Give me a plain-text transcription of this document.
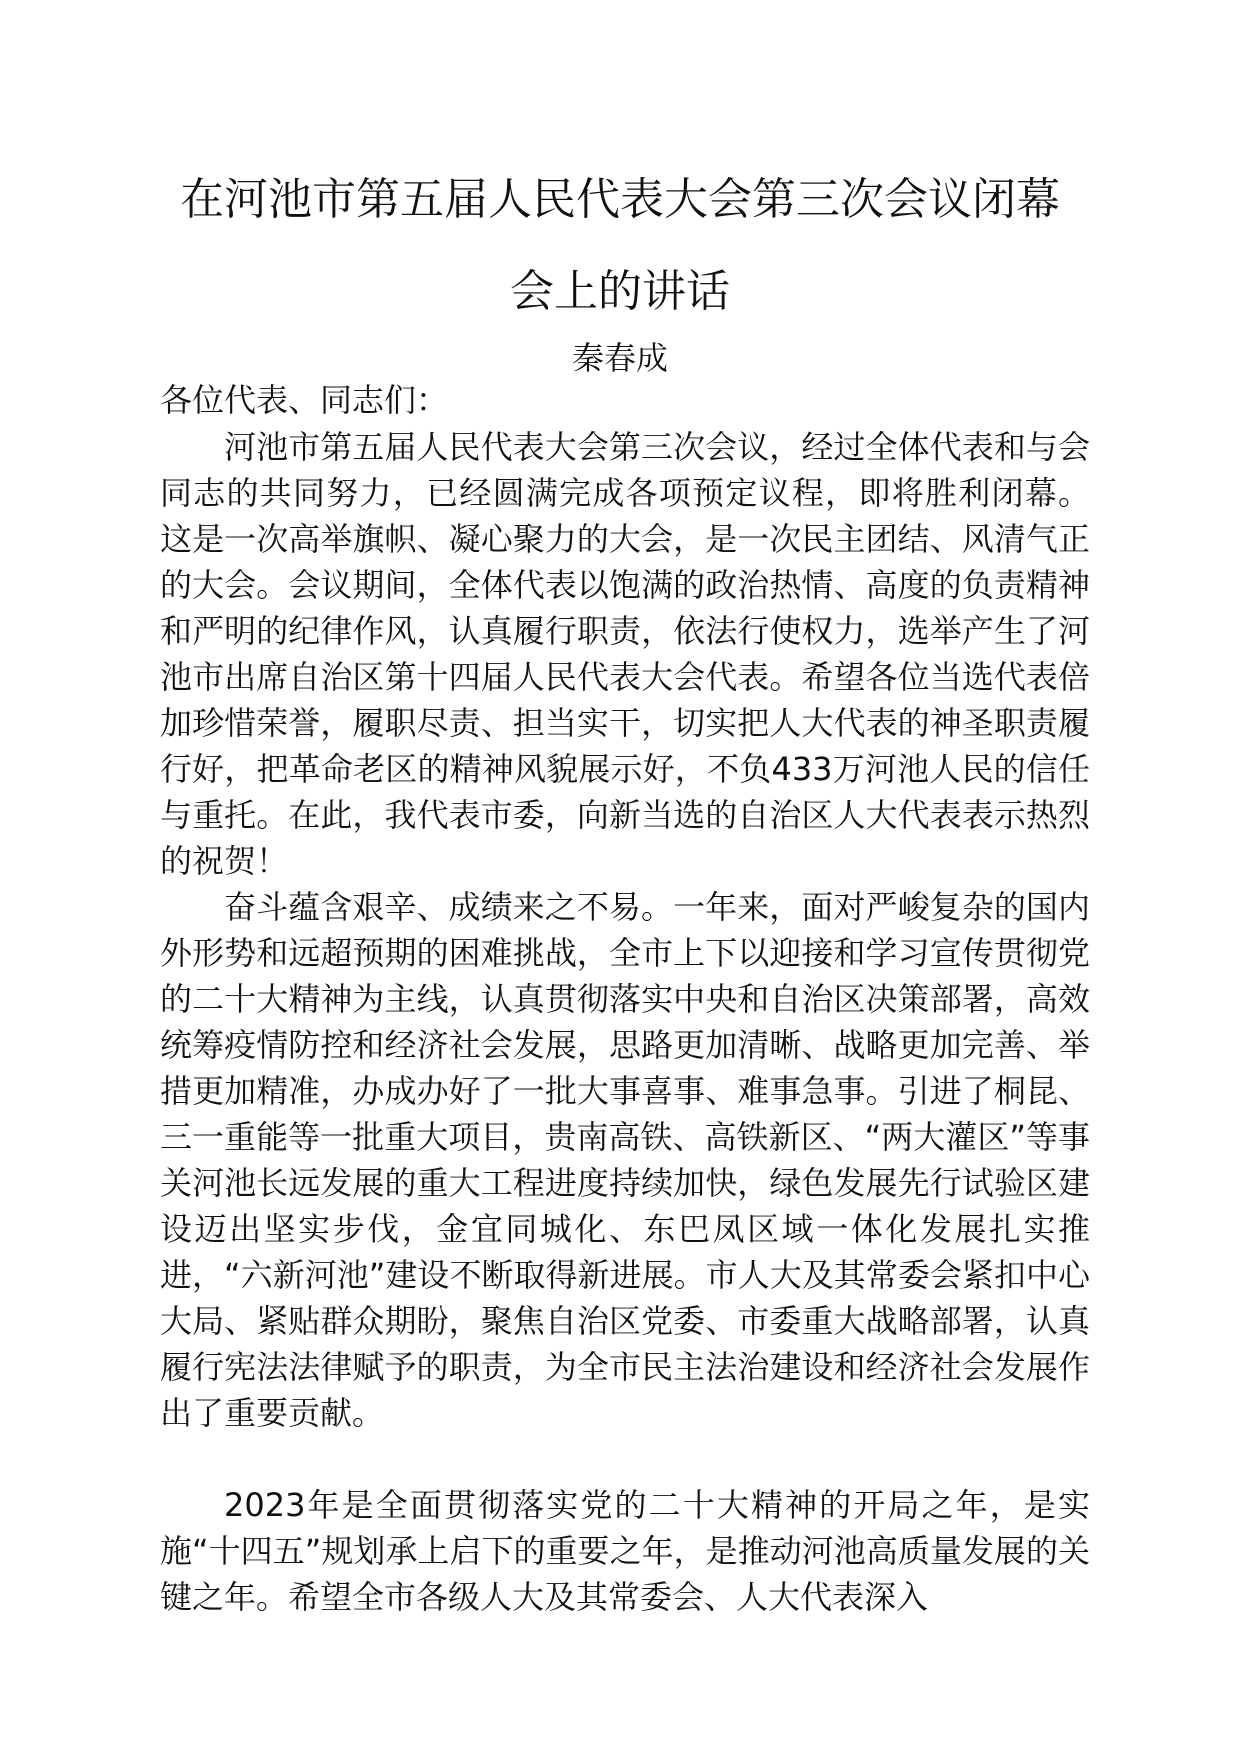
在河池市第五届人民代表大会第三次会议闭幕
会上的讲话
秦春成
各位代表、同志们：

河池市第五届人民代表大会第三次会议，经过全体代表和与会同志的共同努力，已经圆满完成各项预定议程，即将胜利闭幕。 这是一次高举旗帜、凝心聚力的大会，是一次民主团结、风清气正的大会。会议期间，全体代表以饱满的政治热情、高度的负责精神和严明的纪律作风，认真履行职责，依法行使权力，选举产生了河池市出席自治区第十四届人民代表大会代表。希望各位当选代表倍加珍惜荣誉，履职尽责、担当实干，切实把人大代表的神圣职责履行好，把革命老区的精神风貌展示好，不负433万河池人民的信任与重托。在此，我代表市委，向新当选的自治区人大代表表示热烈的祝贺！

奋斗蕴含艰辛、成绩来之不易。一年来，面对严峻复杂的国内外形势和远超预期的困难挑战，全市上下以迎接和学习宣传贯彻党的二十大精神为主线，认真贯彻落实中央和自治区决策部署，高效统筹疫情防控和经济社会发展，思路更加清晰、战略更加完善、举措更加精准，办成办好了一批大事喜事、难事急事。引进了桐昆、三一重能等一批重大项目，贵南高铁、高铁新区、“两大灌区”等事关河池长远发展的重大工程进度持续加快，绿色发展先行试验区建设迈出坚实步伐，金宜同城化、东巴凤区域一体化发展扎实推进，“六新河池”建设不断取得新进展。市人大及其常委会紧扣中心大局、紧贴群众期盼，聚焦自治区党委、市委重大战略部署，认真履行宪法法律赋予的职责，为全市民主法治建设和经济社会发展作出了重要贡献。

2023年是全面贯彻落实党的二十大精神的开局之年，是实施“十四五”规划承上启下的重要之年，是推动河池高质量发展的关键之年。希望全市各级人大及其常委会、人大代表深入
